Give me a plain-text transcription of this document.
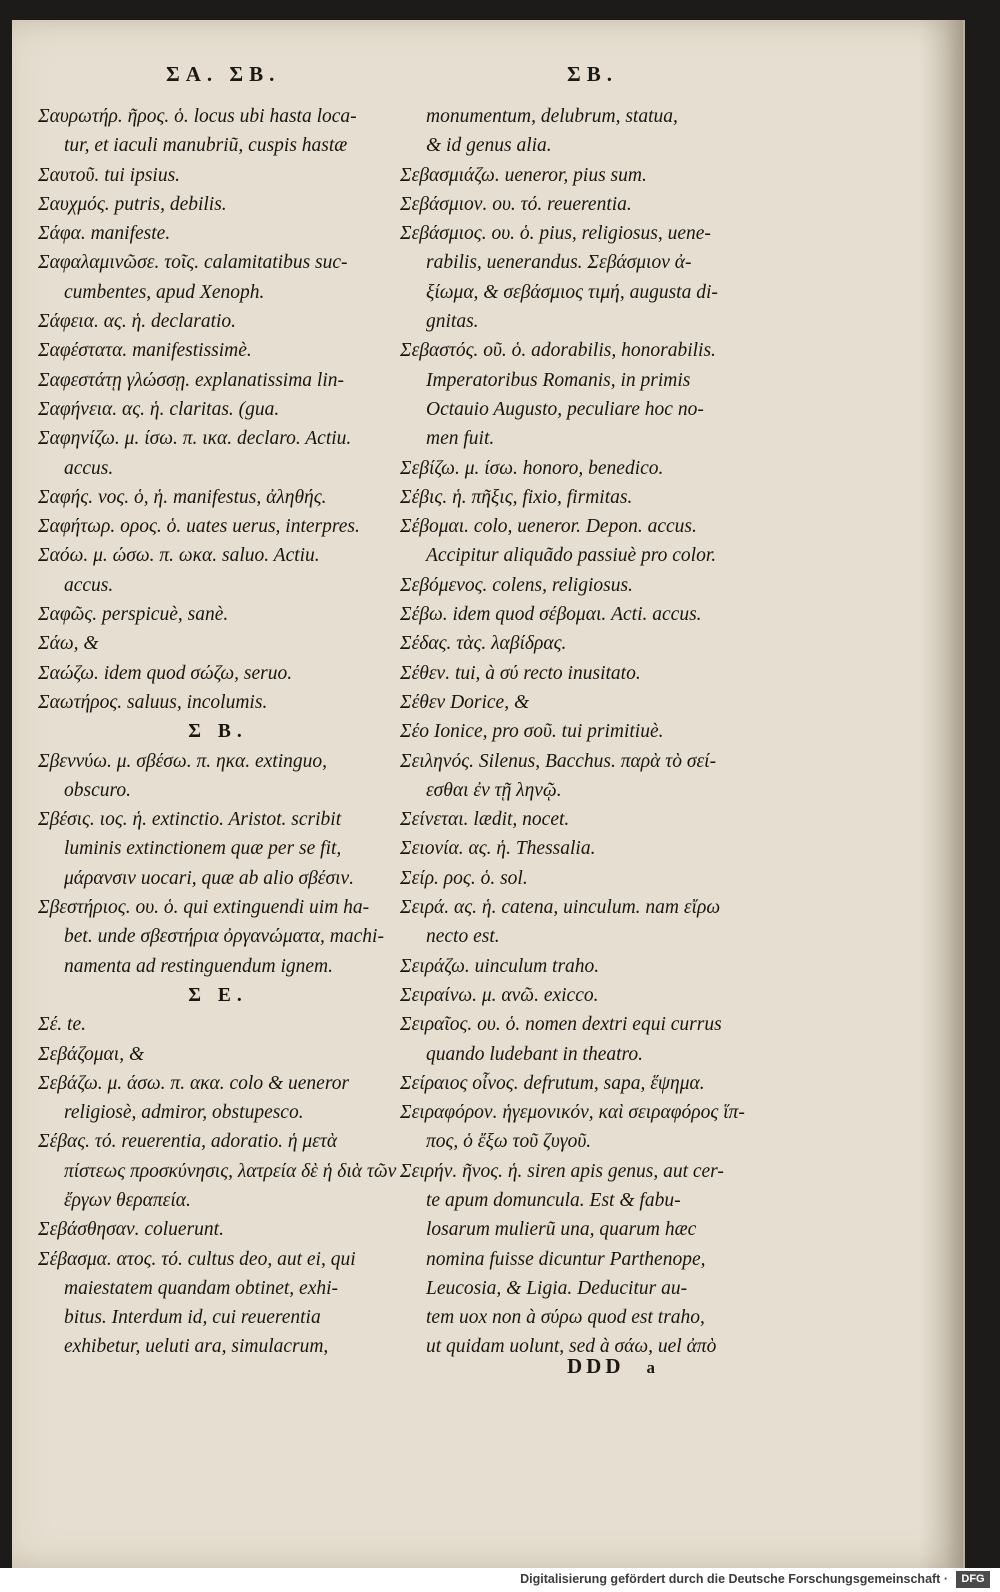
ΣA. ΣB.	ΣB.
Σαυρωτήρ. ῆρος. ὁ. locus ubi hasta loca-
tur, et iaculi manubriũ, cuspis hastæ
Σαυτοῦ. tui ipsius.
Σαυχμός. putris, debilis.
Σάφα. manifeste.
Σαφαλαμινῶσε. τοῖς. calamitatibus suc-
cumbentes, apud Xenoph.
Σάφεια. ας. ἡ. declaratio.
Σαφέστατα. manifestissimè.
Σαφεστάτῃ γλώσσῃ. explanatissima lin-
Σαφήνεια. ας. ἡ. claritas. (gua.
Σαφηνίζω. μ. ίσω. π. ικα. declaro. Actiu.
accus.
Σαφής. νος. ὁ, ἡ. manifestus, ἀληθής.
Σαφήτωρ. ορος. ὁ. uates uerus, interpres.
Σαόω. μ. ώσω. π. ωκα. saluo. Actiu.
accus.
Σαφῶς. perspicuè, sanè.
Σάω, &
Σαώζω. idem quod σώζω, seruo.
Σαωτήρος. saluus, incolumis.
Σ B.
Σβεννύω. μ. σβέσω. π. ηκα. extinguo,
obscuro.
Σβέσις. ιος. ἡ. extinctio. Aristot. scribit
luminis extinctionem quæ per se fit,
μάρανσιν uocari, quæ ab alio σβέσιν.
Σβεστήριος. ου. ὁ. qui extinguendi uim ha-
bet. unde σβεστήρια ὀργανώματα, machi-
namenta ad restinguendum ignem.
Σ E.
Σέ. te.
Σεβάζομαι, &
Σεβάζω. μ. άσω. π. ακα. colo & ueneror
religiosè, admiror, obstupesco.
Σέβας. τό. reuerentia, adoratio. ἡ μετὰ
πίστεως προσκύνησις, λατρεία δὲ ἡ διὰ τῶν
ἔργων θεραπεία.
Σεβάσθησαν. coluerunt.
Σέβασμα. ατος. τό. cultus deo, aut ei, qui
maiestatem quandam obtinet, exhi-
bitus. Interdum id, cui reuerentia
exhibetur, ueluti ara, simulacrum,
monumentum, delubrum, statua,
& id genus alia.
Σεβασμιάζω. ueneror, pius sum.
Σεβάσμιον. ου. τό. reuerentia.
Σεβάσμιος. ου. ὁ. pius, religiosus, uene-
rabilis, uenerandus. Σεβάσμιον ἀ-
ξίωμα, & σεβάσμιος τιμή, augusta di-
gnitas.
Σεβαστός. οῦ. ὁ. adorabilis, honorabilis.
Imperatoribus Romanis, in primis
Octauio Augusto, peculiare hoc no-
men fuit.
Σεβίζω. μ. ίσω. honoro, benedico.
Σέβις. ἡ. πῆξις, fixio, firmitas.
Σέβομαι. colo, ueneror. Depon. accus.
Accipitur aliquãdo passiuè pro color.
Σεβόμενος. colens, religiosus.
Σέβω. idem quod σέβομαι. Acti. accus.
Σέδας. τὰς. λαβίδρας.
Σέθεν. tui, à σύ recto inusitato.
Σέθεν Dorice, &
Σέο Ionice, pro σοῦ. tui primitiuè.
Σειληνός. Silenus, Bacchus. παρὰ τὸ σεί-
εσθαι ἐν τῇ ληνῷ.
Σείνεται. lædit, nocet.
Σειονία. ας. ἡ. Thessalia.
Σείρ. ρος. ὁ. sol.
Σειρά. ας. ἡ. catena, uinculum. nam εἴρω
necto est.
Σειράζω. uinculum traho.
Σειραίνω. μ. ανῶ. exicco.
Σειραῖος. ου. ὁ. nomen dextri equi currus
quando ludebant in theatro.
Σείραιος οἶνος. defrutum, sapa, ἕψημα.
Σειραφόρον. ἡγεμονικόν, καὶ σειραφόρος ἵπ-
πος, ὁ ἔξω τοῦ ζυγοῦ.
Σειρήν. ῆνος. ἡ. siren apis genus, aut cer-
te apum domuncula. Est & fabu-
losarum mulierũ una, quarum hæc
nomina fuisse dicuntur Parthenope,
Leucosia, & Ligia. Deducitur au-
tem uox non à σύρω quod est traho,
ut quidam uolunt, sed à σάω, uel ἀπὸ
DDD a
Digitalisierung gefördert durch die Deutsche Forschungsgemeinschaft ·	DFG
